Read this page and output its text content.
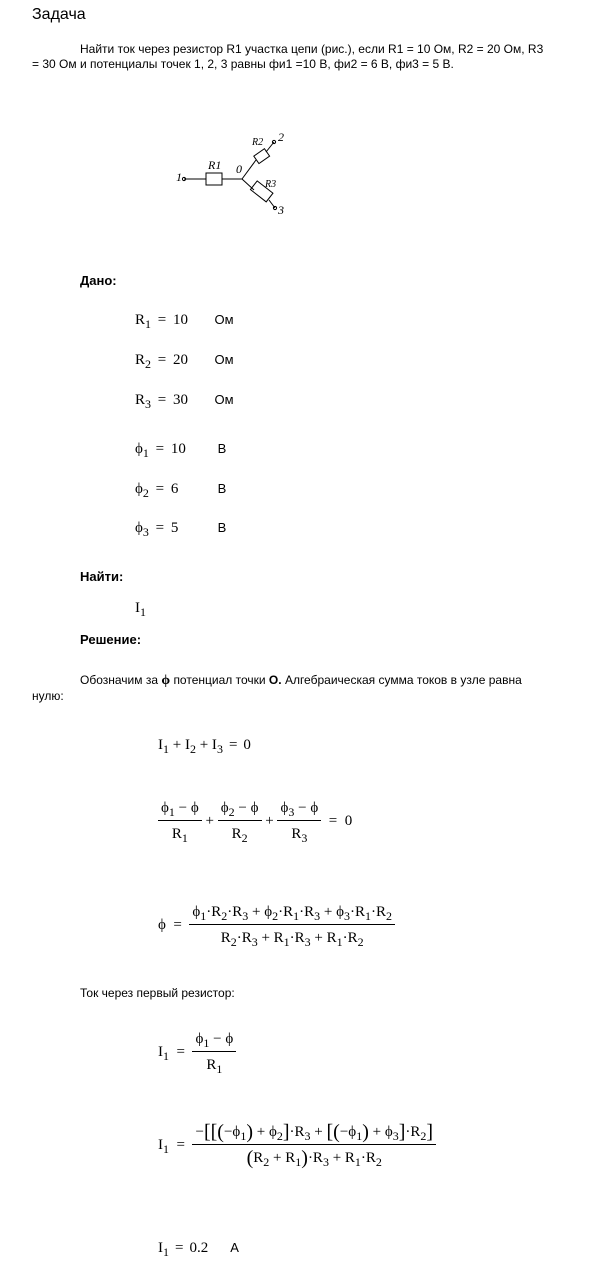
Задача
Найти ток через резистор R1 участка цепи (рис.), если R1 = 10 Ом, R2 = 20 Ом, R3
= 30 Ом и потенциалы точек 1, 2, 3 равны фи1 =10 В, фи2 = 6 В, фи3 = 5 В.
1
R1 0
R2 2
R3
3
Дано:
$R_1 = 10$ Ом
$R_2 = 20$ Ом
$R_3 = 30$ Ом
$\phi_1 = 10$ В
$\phi_2 = 6$	В
$\phi_3 = 5$	В
Найти:
$I_1$
Решение:
Обозначим за ϕ потенциал точки O. Алгебраическая сумма токов в узле равна
нулю:
$I_1 + I_2 + I_3 = 0$
$\frac{\phi_1 - \phi}{R_1} + \frac{\phi_2 - \phi}{R_2} + \frac{\phi_3 - \phi}{R_3} = 0$
$\phi = \frac{\phi_1\cdot R_2\cdot R_3 + \phi_2\cdot R_1\cdot R_3 + \phi_3\cdot R_1\cdot R_2}{R_2\cdot R_3 + R_1\cdot R_3 + R_1\cdot R_2}$
Ток через первый резистор:
$I_1 = \frac{\phi_1 - \phi}{R_1}$
$I_1 = \frac{-[[(-\phi_1) + \phi_2]\cdot R_3 + [(-\phi_1) + \phi_3]\cdot R_2]}{(R_2 + R_1)\cdot R_3 + R_1\cdot R_2}$
$I_1 = 0.2$ А
